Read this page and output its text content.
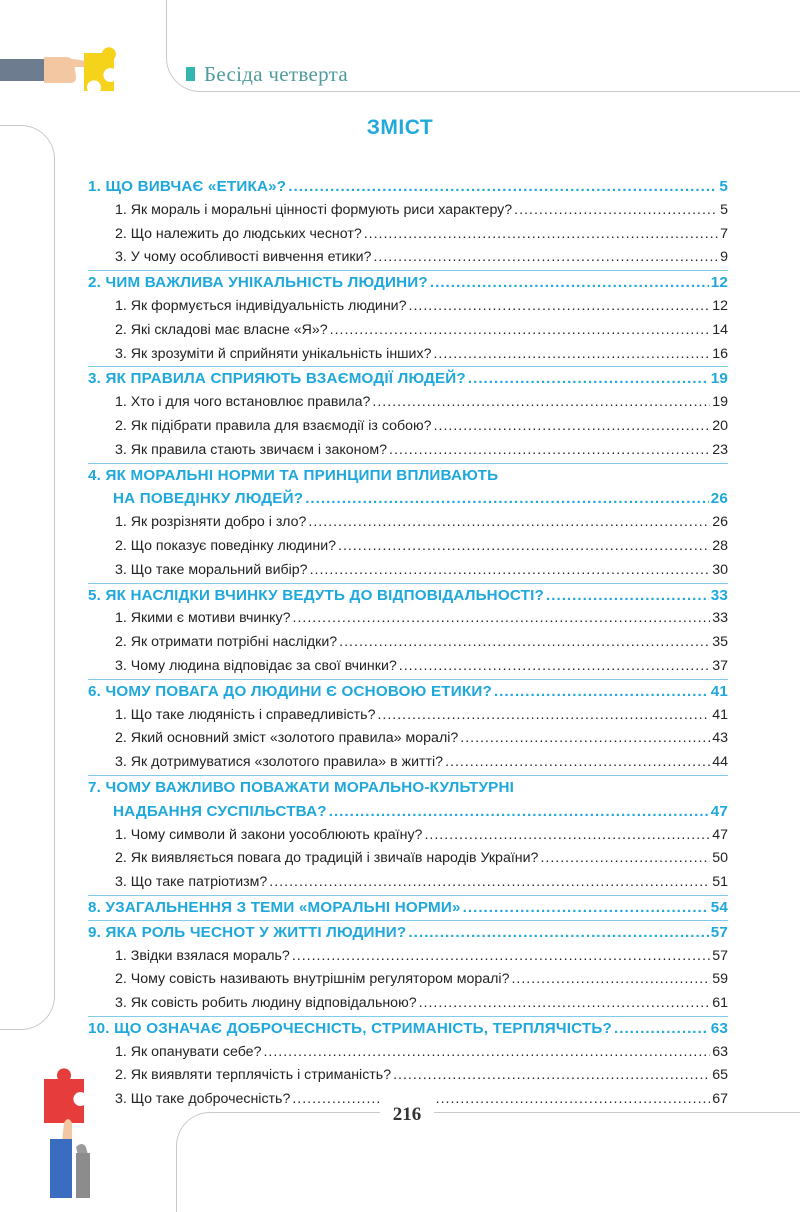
Бесіда четверта
ЗМІСТ
1. ЩО ВИВЧАЄ «ЕТИКА»? .....	5
1. Як мораль і моральні цінності формують риси характеру? .....	5
2. Що належить до людських чеснот? .....	7
3. У чому особливості вивчення етики? .....	9
2. ЧИМ ВАЖЛИВА УНІКАЛЬНІСТЬ ЛЮДИНИ? .....	12
1. Як формується індивідуальність людини? .....	12
2. Які складові має власне «Я»? .....	14
3. Як зрозуміти й сприйняти унікальність інших? .....	16
3. ЯК ПРАВИЛА СПРИЯЮТЬ ВЗАЄМОДІЇ ЛЮДЕЙ? .....	19
1. Хто і для чого встановлює правила? .....	19
2. Як підібрати правила для взаємодії із собою? .....	20
3. Як правила стають звичаєм і законом? .....	23
4. ЯК МОРАЛЬНІ НОРМИ ТА ПРИНЦИПИ ВПЛИВАЮТЬ
НА ПОВЕДІНКУ ЛЮДЕЙ? .....	26
1. Як розрізняти добро і зло? .....	26
2. Що показує поведінку людини? .....	28
3. Що таке моральний вибір? .....	30
5. ЯК НАСЛІДКИ ВЧИНКУ ВЕДУТЬ ДО ВІДПОВІДАЛЬНОСТІ? .....	33
1. Якими є мотиви вчинку? .....	33
2. Як отримати потрібні наслідки? .....	35
3. Чому людина відповідає за свої вчинки? .....	37
6. ЧОМУ ПОВАГА ДО ЛЮДИНИ Є ОСНОВОЮ ЕТИКИ? .....	41
1. Що таке людяність і справедливість? .....	41
2. Який основний зміст «золотого правила» моралі? .....	43
3. Як дотримуватися «золотого правила» в житті? .....	44
7. ЧОМУ ВАЖЛИВО ПОВАЖАТИ МОРАЛЬНО-КУЛЬТУРНІ
НАДБАННЯ СУСПІЛЬСТВА? .....	47
1. Чому символи й закони уособлюють країну? .....	47
2. Як виявляється повага до традицій і звичаїв народів України? .....	50
3. Що таке патріотизм? .....	51
8. УЗАГАЛЬНЕННЯ З ТЕМИ «МОРАЛЬНІ НОРМИ» .....	54
9. ЯКА РОЛЬ ЧЕСНОТ У ЖИТТІ ЛЮДИНИ? .....	57
1. Звідки взялася мораль? .....	57
2. Чому совість називають внутрішнім регулятором моралі? .....	59
3. Як совість робить людину відповідальною? .....	61
10. ЩО ОЗНАЧАЄ ДОБРОЧЕСНІСТЬ, СТРИМАНІСТЬ, ТЕРПЛЯЧІСТЬ? .....	63
1. Як опанувати себе? .....	63
2. Як виявляти терплячість і стриманість? .....	65
3. Що таке доброчесність? .....	67
216
